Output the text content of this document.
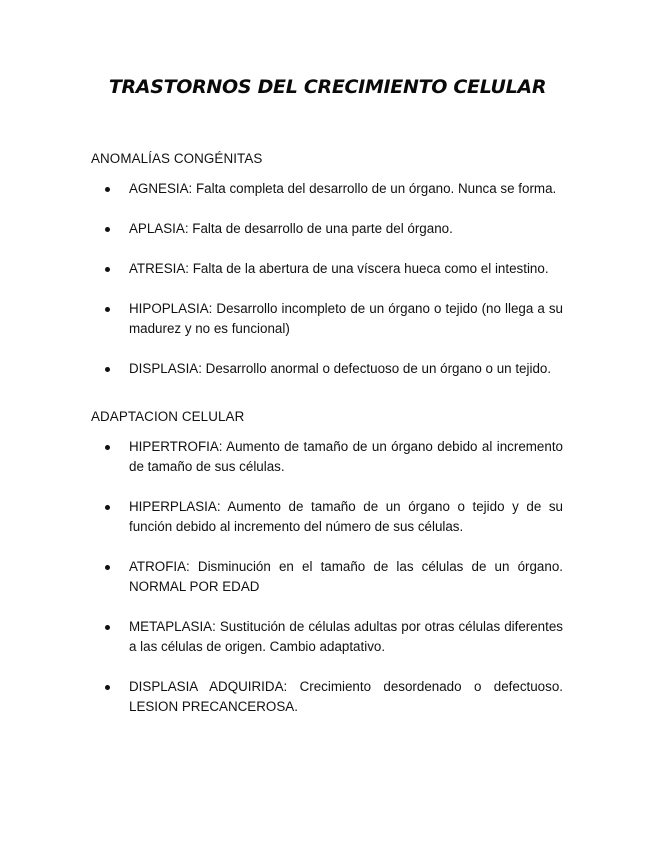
TRASTORNOS DEL CRECIMIENTO CELULAR
ANOMALÍAS CONGÉNITAS
AGNESIA: Falta completa del desarrollo de un órgano. Nunca se forma.
APLASIA: Falta de desarrollo de una parte del órgano.
ATRESIA: Falta de la abertura de una víscera hueca como el intestino.
HIPOPLASIA: Desarrollo incompleto de un órgano o tejido (no llega a su madurez y no es funcional)
DISPLASIA: Desarrollo anormal o defectuoso de un órgano o un tejido.
ADAPTACION CELULAR
HIPERTROFIA: Aumento de tamaño de un órgano debido al incremento de tamaño de sus células.
HIPERPLASIA: Aumento de tamaño de un órgano o tejido y de su función debido al incremento del número de sus células.
ATROFIA: Disminución en el tamaño de las células de un órgano. NORMAL POR EDAD
METAPLASIA: Sustitución de células adultas por otras células diferentes a las células de origen. Cambio adaptativo.
DISPLASIA ADQUIRIDA: Crecimiento desordenado o defectuoso. LESION PRECANCEROSA.
